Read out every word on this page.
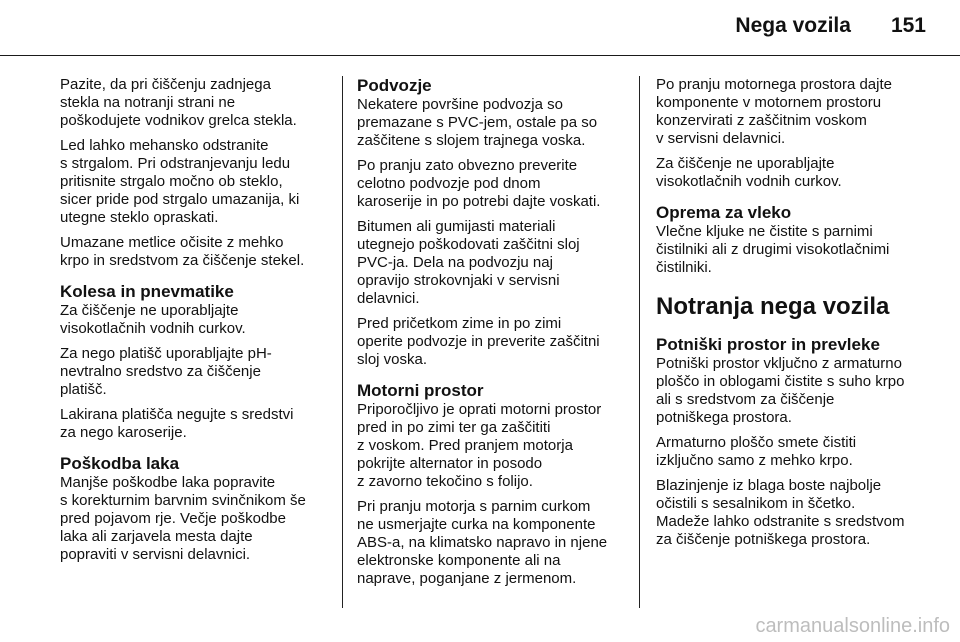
Nega vozila 151

Pazite, da pri čiščenju zadnjega
stekla na notranji strani ne
poškodujete vodnikov grelca stekla.

Led lahko mehansko odstranite
s strgalom. Pri odstranjevanju ledu
pritisnite strgalo močno ob steklo,
sicer pride pod strgalo umazanija, ki
utegne steklo opraskati.

Umazane metlice očisite z mehko
krpo in sredstvom za čiščenje stekel.

Kolesa in pnevmatike

Za čiščenje ne uporabljajte
visokotlačnih vodnih curkov.

Za nego platišč uporabljajte pH-
nevtralno sredstvo za čiščenje
platišč.

Lakirana platišča negujte s sredstvi
za nego karoserije.

Poškodba laka

Manjše poškodbe laka popravite
s korekturnim barvnim svinčnikom še
pred pojavom rje. Večje poškodbe
laka ali zarjavela mesta dajte
popraviti v servisni delavnici.

Podvozje

Nekatere površine podvozja so
premazane s PVC-jem, ostale pa so
zaščitene s slojem trajnega voska.

Po pranju zato obvezno preverite
celotno podvozje pod dnom
karoserije in po potrebi dajte voskati.

Bitumen ali gumijasti materiali
utegnejo poškodovati zaščitni sloj
PVC-ja. Dela na podvozju naj
opravijo strokovnjaki v servisni
delavnici.

Pred pričetkom zime in po zimi
operite podvozje in preverite zaščitni
sloj voska.

Motorni prostor

Priporočljivo je oprati motorni prostor
pred in po zimi ter ga zaščititi
z voskom. Pred pranjem motorja
pokrijte alternator in posodo
z zavorno tekočino s folijo.

Pri pranju motorja s parnim curkom
ne usmerjajte curka na komponente
ABS-a, na klimatsko napravo in njene
elektronske komponente ali na
naprave, poganjane z jermenom.

Po pranju motornega prostora dajte
komponente v motornem prostoru
konzervirati z zaščitnim voskom
v servisni delavnici.

Za čiščenje ne uporabljajte
visokotlačnih vodnih curkov.

Oprema za vleko

Vlečne kljuke ne čistite s parnimi
čistilniki ali z drugimi visokotlačnimi
čistilniki.

Notranja nega vozila
Potniški prostor in prevleke

Potniški prostor vključno z armaturno
ploščo in oblogami čistite s suho krpo
ali s sredstvom za čiščenje
potniškega prostora.

Armaturno ploščo smete čistiti
izključno samo z mehko krpo.

Blazinjenje iz blaga boste najbolje
očistili s sesalnikom in ščetko.
Madeže lahko odstranite s sredstvom
za čiščenje potniškega prostora.

carmanualsonline.info
